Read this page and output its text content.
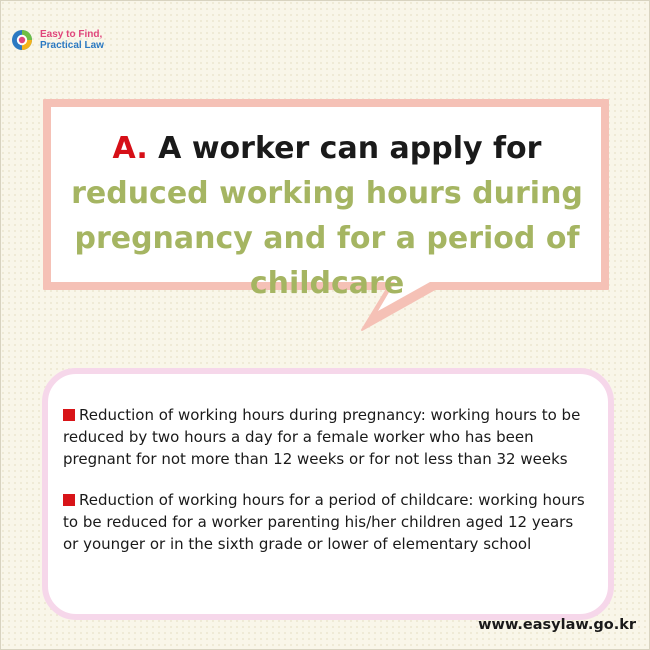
Easy to Find,
Practical Law
A. A worker can apply for reduced working hours during pregnancy and for a period of childcare
Reduction of working hours during pregnancy: working hours to be reduced by two hours a day for a female worker who has been pregnant for not more than 12 weeks or for not less than 32 weeks
Reduction of working hours for a period of childcare: working hours to be reduced for a worker parenting his/her children aged 12 years or younger or in the sixth grade or lower of elementary school
www.easylaw.go.kr
